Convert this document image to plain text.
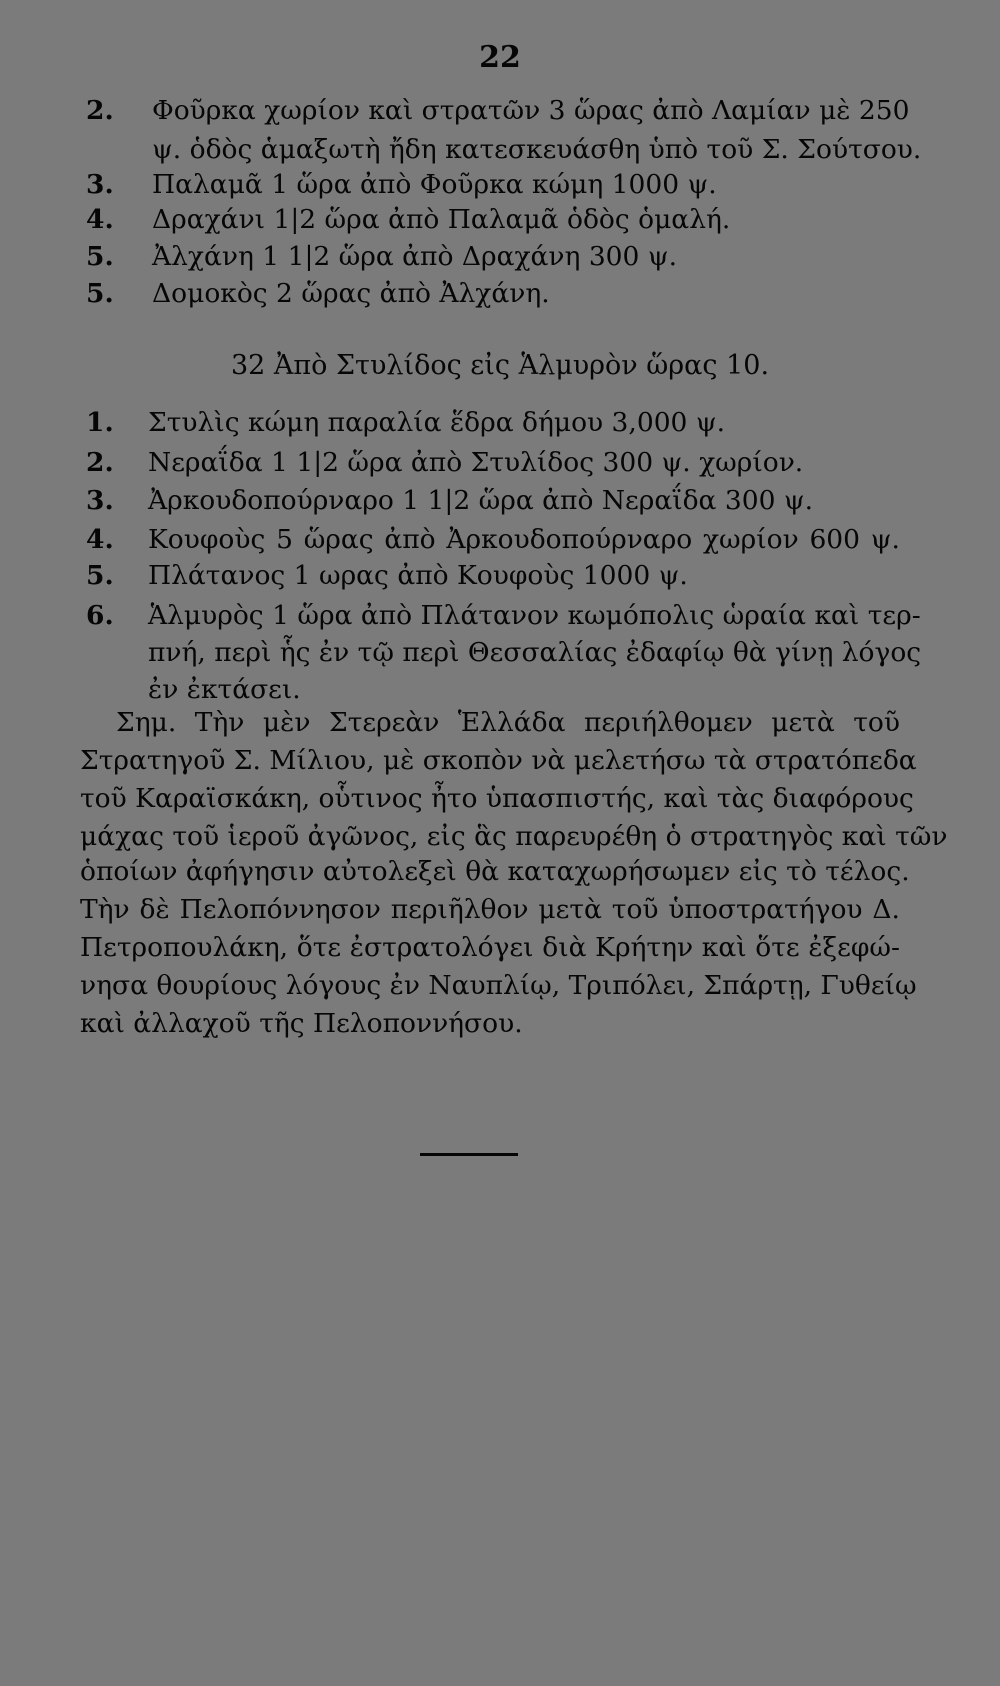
22
2. Φοῦρκα χωρίον καὶ στρατῶν 3 ὥρας ἀπὸ Λαμίαν μὲ 250
ψ. ὁδὸς ἁμαξωτὴ ἤδη κατεσκευάσθη ὑπὸ τοῦ Σ. Σούτσου.
3. Παλαμᾶ 1 ὥρα ἀπὸ Φοῦρκα κώμη 1000 ψ.
4. Δραχάνι 1|2 ὥρα ἀπὸ Παλαμᾶ ὁδὸς ὁμαλή.
5. Ἀλχάνη 1 1|2 ὥρα ἀπὸ Δραχάνη 300 ψ.
5. Δομοκὸς 2 ὥρας ἀπὸ Ἀλχάνη.
32 Ἀπὸ Στυλίδος εἰς Ἁλμυρὸν ὥρας 10.
1. Στυλὶς κώμη παραλία ἕδρα δήμου 3,000 ψ.
2. Νεραΐδα 1 1|2 ὥρα ἀπὸ Στυλίδος 300 ψ. χωρίον.
3. Ἀρκουδοπούρναρο 1 1|2 ὥρα ἀπὸ Νεραΐδα 300 ψ.
4. Κουφοὺς 5 ὥρας ἀπὸ Ἀρκουδοπούρναρο χωρίον 600 ψ.
5. Πλάτανος 1 ωρας ἀπὸ Κουφοὺς 1000 ψ.
6. Ἁλμυρὸς 1 ὥρα ἀπὸ Πλάτανον κωμόπολις ὡραία καὶ τερ-
πνή, περὶ ἧς ἐν τῷ περὶ Θεσσαλίας ἐδαφίῳ θὰ γίνῃ λόγος
ἐν ἐκτάσει.
Σημ. Τὴν μὲν Στερεὰν Ἑλλάδα περιήλθομεν μετὰ τοῦ
Στρατηγοῦ Σ. Μίλιου, μὲ σκοπὸν νὰ μελετήσω τὰ στρατόπεδα
τοῦ Καραϊσκάκη, οὗτινος ἦτο ὑπασπιστής, καὶ τὰς διαφόρους
μάχας τοῦ ἱεροῦ ἀγῶνος, εἰς ἃς παρευρέθη ὁ στρατηγὸς καὶ τῶν
ὁποίων ἀφήγησιν αὐτολεξεὶ θὰ καταχωρήσωμεν εἰς τὸ τέλος.
Τὴν δὲ Πελοπόννησον περιῆλθον μετὰ τοῦ ὑποστρατήγου Δ.
Πετροπουλάκη, ὅτε ἐστρατολόγει διὰ Κρήτην καὶ ὅτε ἐξεφώ-
νησα θουρίους λόγους ἐν Ναυπλίῳ, Τριπόλει, Σπάρτῃ, Γυθείῳ
καὶ ἀλλαχοῦ τῆς Πελοποννήσου.
